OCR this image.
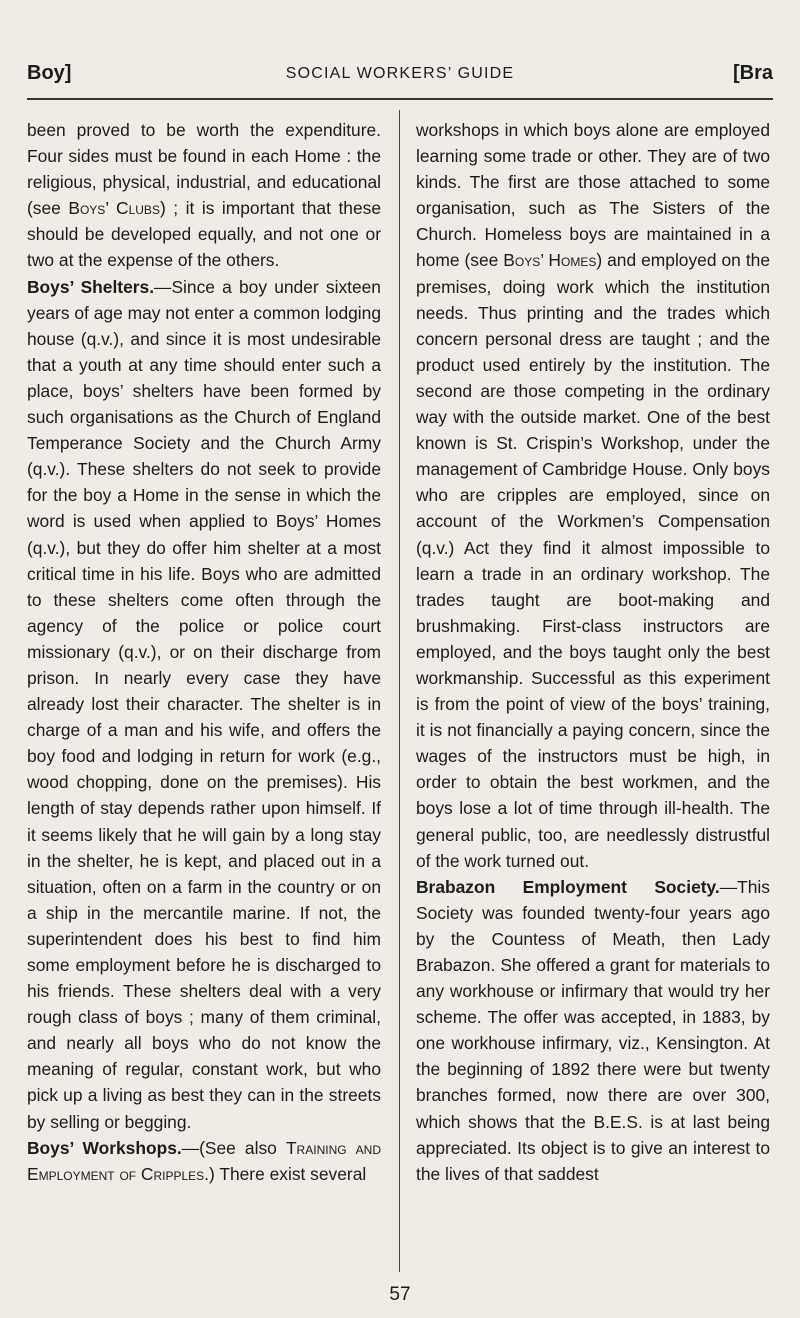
Boy]	SOCIAL WORKERS’ GUIDE	[Bra

been proved to be worth the expenditure. Four sides must be found in each Home : the religious, physical, industrial, and educational (see Boys’ Clubs) ; it is important that these should be developed equally, and not one or two at the expense of the others.

Boys’ Shelters.—Since a boy under sixteen years of age may not enter a common lodging house (q.v.), and since it is most undesirable that a youth at any time should enter such a place, boys’ shelters have been formed by such organisations as the Church of England Temperance Society and the Church Army (q.v.). These shelters do not seek to provide for the boy a Home in the sense in which the word is used when applied to Boys’ Homes (q.v.), but they do offer him shelter at a most critical time in his life. Boys who are admitted to these shelters come often through the agency of the police or police court missionary (q.v.), or on their discharge from prison. In nearly every case they have already lost their character. The shelter is in charge of a man and his wife, and offers the boy food and lodging in return for work (e.g., wood chopping, done on the premises). His length of stay depends rather upon himself. If it seems likely that he will gain by a long stay in the shelter, he is kept, and placed out in a situation, often on a farm in the country or on a ship in the mercantile marine. If not, the superintendent does his best to find him some employment before he is discharged to his friends. These shelters deal with a very rough class of boys ; many of them criminal, and nearly all boys who do not know the meaning of regular, constant work, but who pick up a living as best they can in the streets by selling or begging.

Boys’ Workshops.—(See also Training and Employment of Cripples.) There exist several

workshops in which boys alone are employed learning some trade or other. They are of two kinds. The first are those attached to some organisation, such as The Sisters of the Church. Homeless boys are maintained in a home (see Boys’ Homes) and employed on the premises, doing work which the institution needs. Thus printing and the trades which concern personal dress are taught ; and the product used entirely by the institution. The second are those competing in the ordinary way with the outside market. One of the best known is St. Crispin’s Workshop, under the management of Cambridge House. Only boys who are cripples are employed, since on account of the Workmen’s Compensation (q.v.) Act they find it almost impossible to learn a trade in an ordinary workshop. The trades taught are boot-making and brushmaking. First-class instructors are employed, and the boys taught only the best workmanship. Successful as this experiment is from the point of view of the boys’ training, it is not financially a paying concern, since the wages of the instructors must be high, in order to obtain the best workmen, and the boys lose a lot of time through ill-health. The general public, too, are needlessly distrustful of the work turned out.

Brabazon Employment Society.—This Society was founded twenty-four years ago by the Countess of Meath, then Lady Brabazon. She offered a grant for materials to any workhouse or infirmary that would try her scheme. The offer was accepted, in 1883, by one workhouse infirmary, viz., Kensington. At the beginning of 1892 there were but twenty branches formed, now there are over 300, which shows that the B.E.S. is at last being appreciated. Its object is to give an interest to the lives of that saddest

57
